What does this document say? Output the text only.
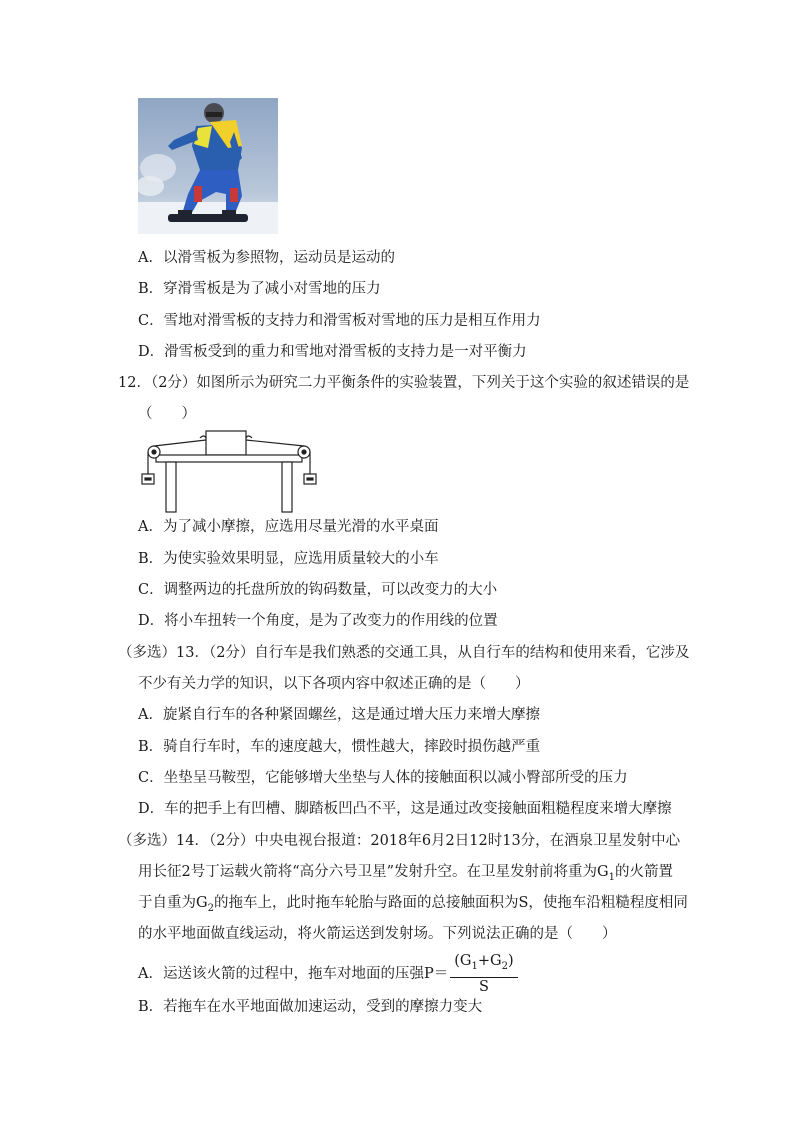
A．以滑雪板为参照物，运动员是运动的
B．穿滑雪板是为了减小对雪地的压力
C．雪地对滑雪板的支持力和滑雪板对雪地的压力是相互作用力
D．滑雪板受到的重力和雪地对滑雪板的支持力是一对平衡力
12．（2分）如图所示为研究二力平衡条件的实验装置，下列关于这个实验的叙述错误的是
（　　）
A．为了减小摩擦，应选用尽量光滑的水平桌面
B．为使实验效果明显，应选用质量较大的小车
C．调整两边的托盘所放的钩码数量，可以改变力的大小
D．将小车扭转一个角度，是为了改变力的作用线的位置
（多选）13．（2分）自行车是我们熟悉的交通工具，从自行车的结构和使用来看，它涉及
不少有关力学的知识，以下各项内容中叙述正确的是（　　）
A．旋紧自行车的各种紧固螺丝，这是通过增大压力来增大摩擦
B．骑自行车时，车的速度越大，惯性越大，摔跤时损伤越严重
C．坐垫呈马鞍型，它能够增大坐垫与人体的接触面积以减小臀部所受的压力
D．车的把手上有凹槽、脚踏板凹凸不平，这是通过改变接触面粗糙程度来增大摩擦
（多选）14．（2分）中央电视台报道：2018年6月2日12时13分，在酒泉卫星发射中心
用长征2号丁运载火箭将“高分六号卫星”发射升空。在卫星发射前将重为$G_1$的火箭置
于自重为$G_2$的拖车上，此时拖车轮胎与路面的总接触面积为S，使拖车沿粗糙程度相同
的水平地面做直线运动，将火箭运送到发射场。下列说法正确的是（　　）
A．运送该火箭的过程中，拖车对地面的压强$P= \frac{(G_1+G_2)}{S}$
B．若拖车在水平地面做加速运动，受到的摩擦力变大
